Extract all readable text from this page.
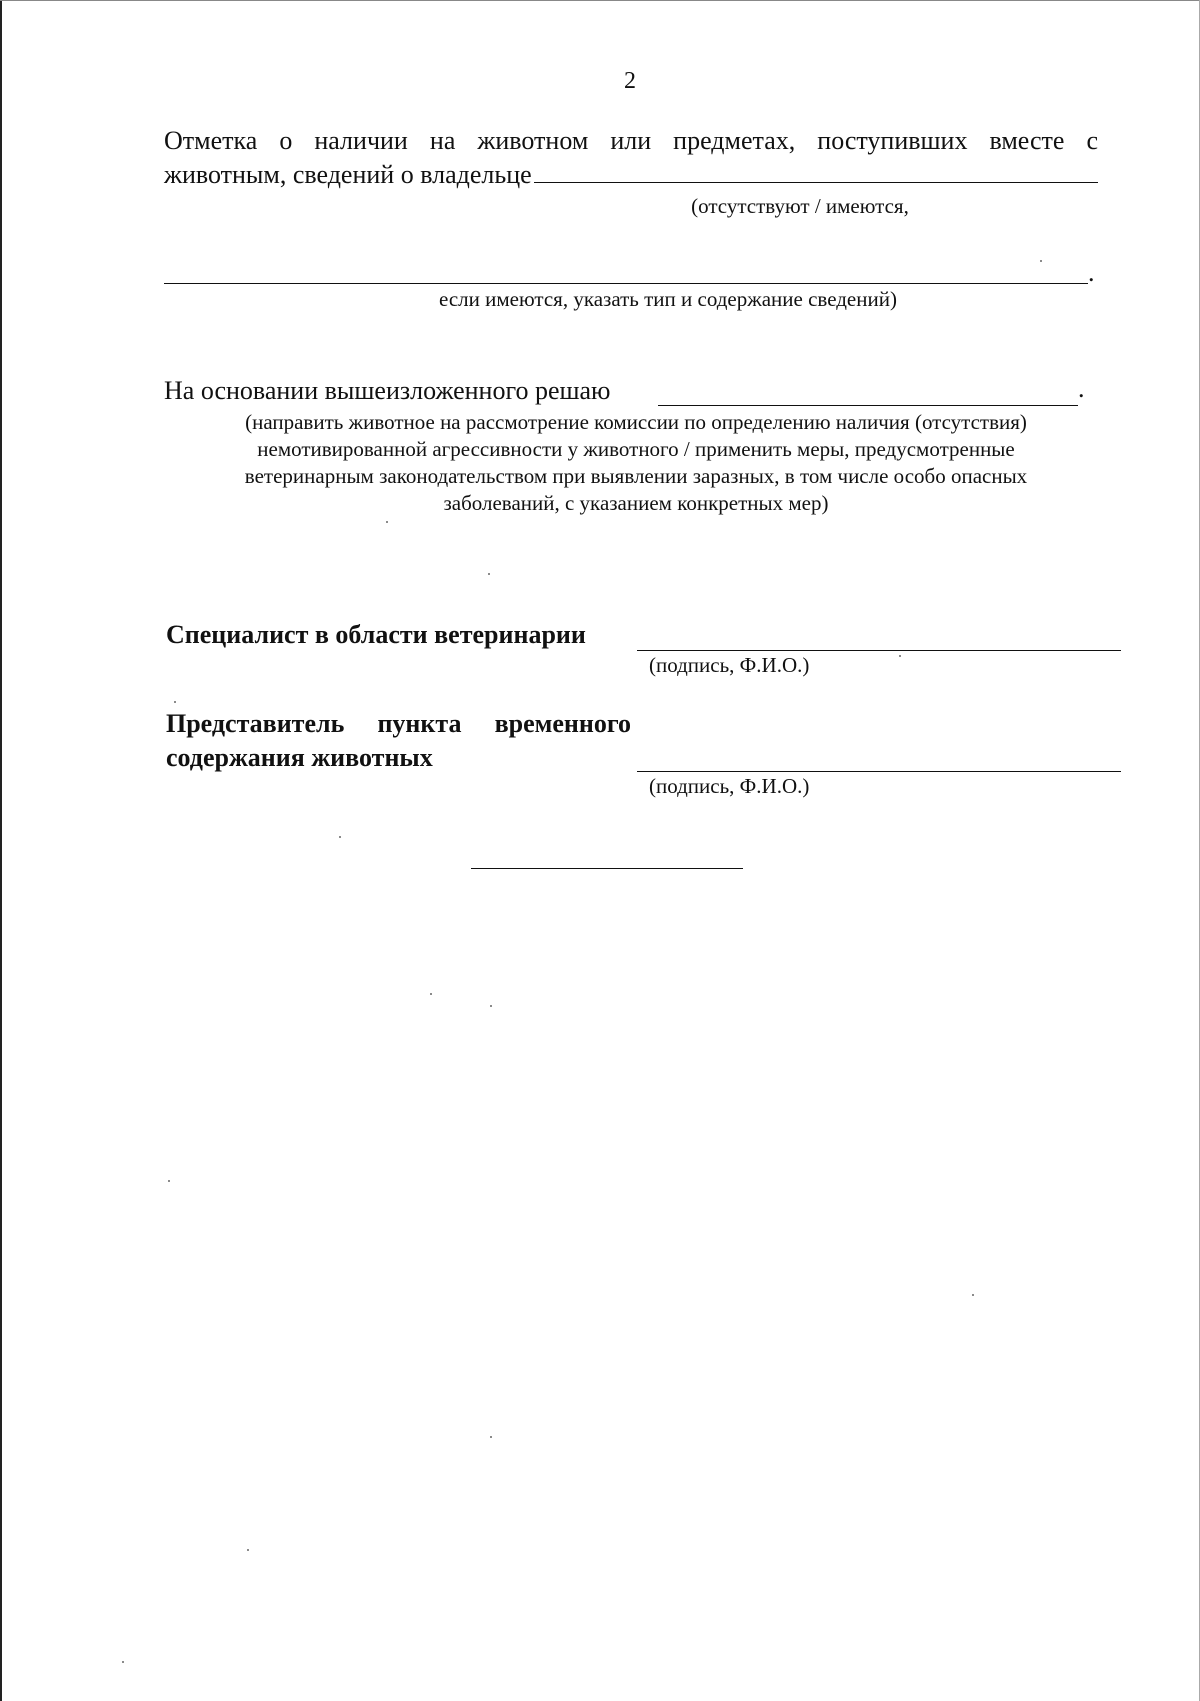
2
Отметка о наличии на животном или предметах, поступивших вместе с
животным, сведений о владельце
(отсутствуют / имеются,
.
если имеются, указать тип и содержание сведений)
На основании вышеизложенного решаю	.
(направить животное на рассмотрение комиссии по определению наличия (отсутствия)
немотивированной агрессивности у животного / применить меры, предусмотренные
ветеринарным законодательством при выявлении заразных, в том числе особо опасных
заболеваний, с указанием конкретных мер)
Специалист в области ветеринарии
(подпись, Ф.И.О.)
Представитель пункта временного
содержания животных
(подпись, Ф.И.О.)
